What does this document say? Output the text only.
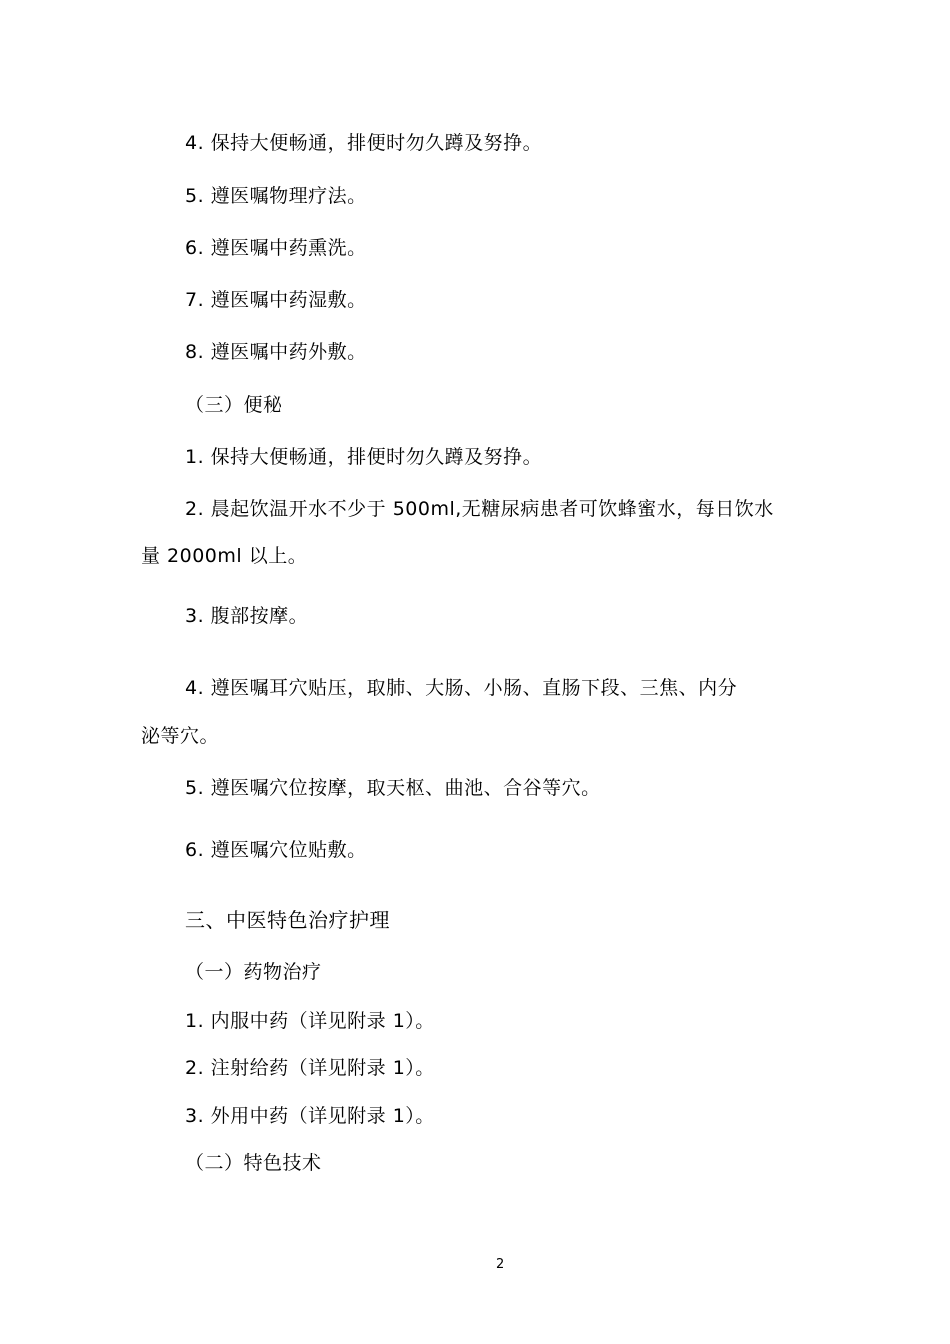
4. 保持大便畅通，排便时勿久蹲及努挣。
5. 遵医嘱物理疗法。
6. 遵医嘱中药熏洗。
7. 遵医嘱中药湿敷。
8. 遵医嘱中药外敷。
（三）便秘
1. 保持大便畅通，排便时勿久蹲及努挣。
2. 晨起饮温开水不少于 500ml,无糖尿病患者可饮蜂蜜水，每日饮水
量 2000ml 以上。
3. 腹部按摩。
4. 遵医嘱耳穴贴压，取肺、大肠、小肠、直肠下段、三焦、内分
泌等穴。
5. 遵医嘱穴位按摩，取天枢、曲池、合谷等穴。
6. 遵医嘱穴位贴敷。
三、中医特色治疗护理
（一）药物治疗
1. 内服中药（详见附录 1）。
2. 注射给药（详见附录 1）。
3. 外用中药（详见附录 1）。
（二）特色技术
2
